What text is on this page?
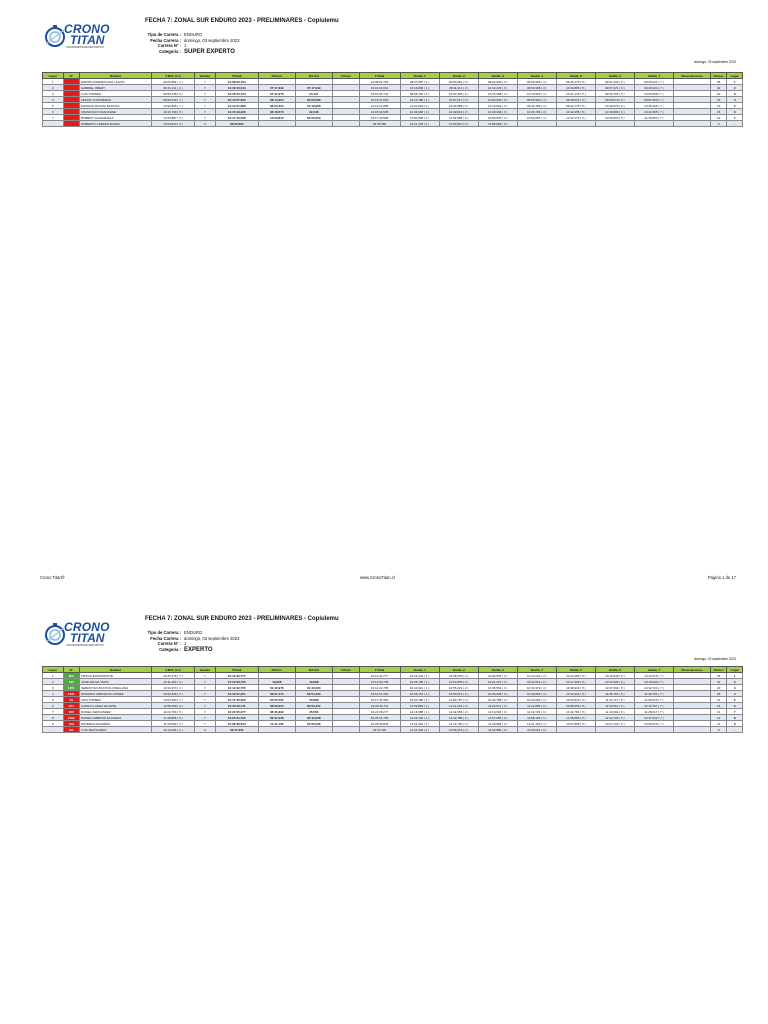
CRONO
TITAN
CRONOMETRAJE DEPORTIVO
FECHA 7: ZONAL SUR ENDURO 2023 - PRELIMINARES - Copiulemu
Tipo de Carrera : ENDURO
Fecha Carrera : domingo, 03 septiembre 2023
Carrera N° : 1
Categoría : SUPER EXPERTO
domingo, 03 septiembre 2023
Lugar	N°	Nombre	V.M.R. (Lv)	Vueltas	T.Final	Dif.lero	Dif.Ant	T.Pena	T.Total	Vuelta_1	Vuelta_2	Vuelta_3	Vuelta_4	Vuelta_5	Vuelta_6	Vuelta_7	Observaciones	Puntos	Lugar
1		MARTIN ANDRES DIAZ LAGOS	09:09,881 ( 7 )	7	01:08:52,794				01:08:52,794	09:37,087 ( 1 )	09:50,081 ( 2 )	09:52,636 ( 3 )	09:56,938 ( 4 )	09:45,175 ( 5 )	09:51,293 ( 6 )	09:29,931 ( 7 )		25	1
2		GABRIEL OBERT	09:31,211 ( 2 )	7	01:16:10,013	07:17,649	07:17,649		01:16:10,013	10:16,896 ( 1 )	09:31,211 ( 2 )	10:13,236 ( 3 )	09:54,968 ( 4 )	10:30,880 ( 5 )	09:57,971 ( 6 )	09:49,944 ( 7 )		22	2
3		LUIS TORRES	09:55,138 ( 6 )	7	01:16:34,734	07:41,978	24,121		01:16:34,734	09:58,152 ( 1 )	10:03,425 ( 2 )	10:16,398 ( 3 )	10:19,562 ( 4 )	10:41,143 ( 5 )	09:56,194 ( 6 )	10:00,358 ( 7 )		20	3
4		FELIPE CONTRERAS	09:59,618 ( 7 )	7	01:12:07,840	08:14,354	02:02,566		01:13:07,840	10:16,185 ( 1 )	10:07,517 ( 2 )	10:03,605 ( 3 )	09:55,990 ( 4 )	09:28,616 ( 5 )	09:55,670 ( 6 )	09:51,869 ( 7 )		18	4
5		MATHIAS MUNOZ BASTIAS	10:33,835 ( 7 )	7	01:12:57,898	08:04,324	01:49,958		01:12:57,898	11:10,039 ( 1 )	10:33,889 ( 2 )	10:10,629 ( 3 )	09:40,786 ( 4 )	09:49,778 ( 5 )	10:18,979 ( 6 )	10:45,436 ( 7 )		16	5
6		FRANCISCO FRANCESE	10:16,799 ( 5 )	7	01:15:10,236	06:16,573	22,248		01:15:19,536	10:49,968 ( 1 )	10:49,619 ( 2 )	10:18,336 ( 3 )	10:26,796 ( 4 )	10:42,455 ( 5 )	10:18,083 ( 6 )	10:42,965 ( 7 )		15	6
7		ROBERT VALENZUELA	10:34,887 ( 4 )	7	01:17:40,598	10:09,810	03:50,250		01:17:40,598	11:00,598 ( 1 )	11:03,883 ( 2 )	10:59,035 ( 3 )	10:54,687 ( 4 )	11:03,173 ( 5 )	10:56,803 ( 6 )	11:15,820 ( 7 )		14	7
-		ROBERTO CERPES ARRAZ	10:53,810 ( 2 )	3	36:05,650				36:05,650	11:12,155 ( 1 )	10:53,810 ( 2 )	13:58,685 ( 3 )						0	-
Crono Titan®	www.CronoTitan.cl	Página 1 de 17
CRONO
TITAN
CRONOMETRAJE DEPORTIVO
FECHA 7: ZONAL SUR ENDURO 2023 - PRELIMINARES - Copiulemu
Tipo de Carrera : ENDURO
Fecha Carrera : domingo, 03 septiembre 2023
Carrera N° : 1
Categoría : EXPERTO
domingo, 03 septiembre 2023
Lugar	N°	Nombre	V.M.R. (Lv)	Vueltas	T.Final	Dif.lero	Dif.Ant	T.Pena	T.Total	Vuelta_1	Vuelta_2	Vuelta_3	Vuelta_4	Vuelta_5	Vuelta_6	Vuelta_7	Observaciones	Puntos	Lugar
1	302	MATIAS BUSTAMANTE	10:45,476 ( 7 )	7	01:12:30,777				01:12:30,777	10:22,433 ( 1 )	10:08,035 ( 2 )	10:02,503 ( 3 )	10:13,244 ( 4 )	10:21,089 ( 5 )	10:10,549 ( 6 )	10:10,076 ( 7 )		25	1
2	130	JOSE PALMA TORO	10:11,403 ( 4 )	7	01:12:50,735	19,958	19,958		01:12:50,735	10:36,786 ( 1 )	10:10,659 ( 2 )	10:21,267 ( 3 )	10:11,516 ( 4 )	10:17,390 ( 5 )	10:10,406 ( 6 )	10:19,093 ( 7 )		22	2
3	1451	SEBASTIAN BASTIAS ORELLANA	10:34,373 ( 4 )	7	01:14:22,755	01:42,978	01:32,020		01:14:22,755	10:40,921 ( 1 )	10:55,021 ( 2 )	10:35,551 ( 3 )	10:34,373 ( 4 )	10:48,933 ( 5 )	10:37,994 ( 6 )	10:32,723 ( 7 )		20	3
4	1301	RODRIGO ARRIADOS GOMEZ	10:35,328 ( 3 )	7	01:18:47,251	06:07,474	03:54,430		01:14:47,251	10:55,761 ( 1 )	10:53,673 ( 2 )	10:35,328 ( 3 )	10:40,082 ( 4 )	10:42,322 ( 5 )	11:05,791 ( 6 )	11:48,791 ( 7 )		18	4
5	33	IVAN TORRES	10:03,180 ( 1 )	7	01:17:45,329	05:05,552	50,808		01:17:45,329	10:03,180 ( 1 )	11:00,787 ( 2 )	10:46,788 ( 3 )	10:26,083 ( 4 )	10:43,943 ( 5 )	11:33,717 ( 6 )	11:09,016 ( 7 )		16	5
6	351	CAMILO LOPEZ DUARTE	10:58,259 ( 3 )	7	01:20:40,711	08:09,934	02:55,372		01:20:40,711	11:53,883 ( 1 )	11:12,134 ( 2 )	11:22,571 ( 3 )	11:12,556 ( 4 )	10:58,259 ( 5 )	11:30,512 ( 6 )	11:12,797 ( 7 )		15	6
7	323	DANIEL FERNANDEZ	11:02,793 ( 5 )	7	01:21:05,277	08:45,390	35,566		01:21:05,277	12:16,088 ( 1 )	12:32,956 ( 2 )	11:19,030 ( 3 )	11:19,726 ( 4 )	11:02,793 ( 5 )	11:19,992 ( 6 )	11:28,017 ( 7 )		14	7
8	1502	DANIEL FABRIZIO ELGUEDA	11:38,865 ( 5 )	7	01:25:21,705	09:41,028	02:42,538		01:25:21,705	12:25,146 ( 1 )	12:42,789 ( 2 )	11:57,055 ( 3 )	11:58,129 ( 4 )	11:38,865 ( 5 )	12:12,793 ( 6 )	12:47,022 ( 7 )		13	8
9	720	ESTEBAN ARANEDA	11:39,969 ( 3 )	7	01:28:39,843	11:41,166	03:56,236		01:28:39,843	11:51,364 ( 1 )	12:14,790 ( 2 )	11:39,969 ( 3 )	12:21,109 ( 4 )	12:07,858 ( 5 )	13:07,193 ( 6 )	15:09,619 ( 7 )		12	9
-	511	LUIS SEPÚLVEDA	11:44,404 ( 1 )	3	34:07,203				34:07,203	11:44,404 ( 1 )	10:56,215 ( 2 )	11:52,886 ( 3 )	11:26,091 ( 4 )					0	-
